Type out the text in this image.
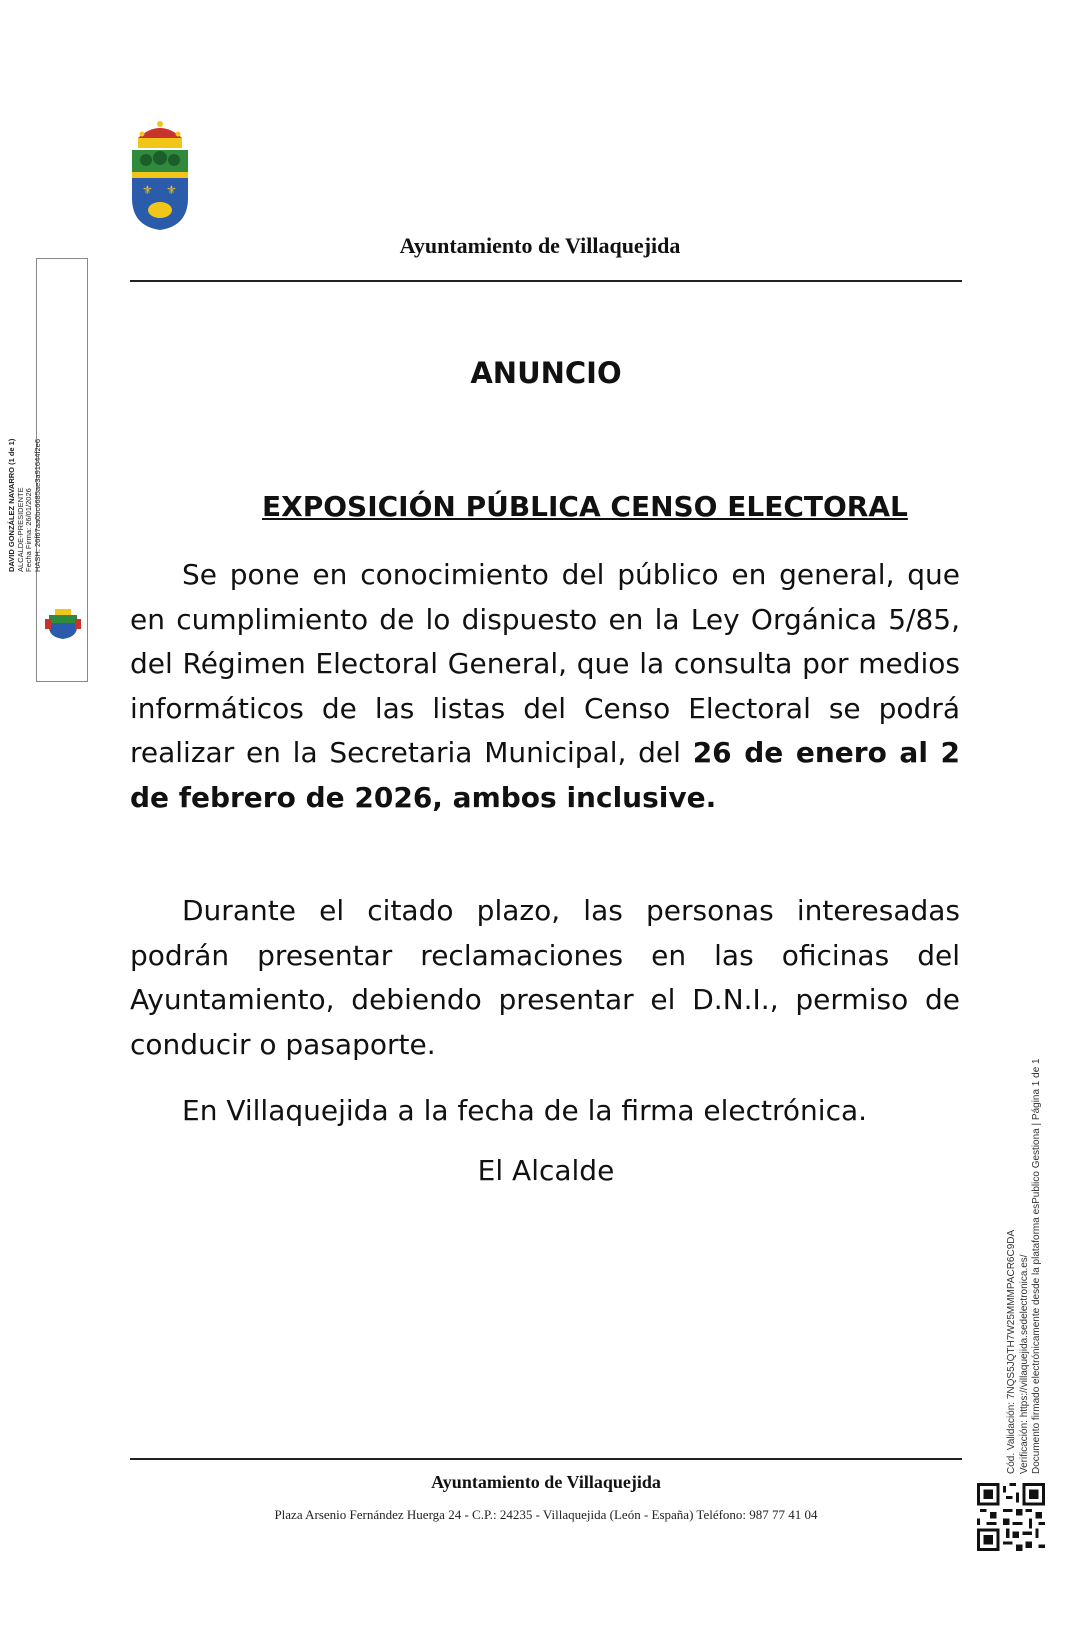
⚜ ⚜
Ayuntamiento de Villaquejida
DAVID GONZÁLEZ NAVARRO (1 de 1) ALCALDE-PRESIDENTE Fecha Firma: 26/01/2026 HASH: 26f67aa0bc6685ae3a91644f2e6
ANUNCIO
EXPOSICIÓN PÚBLICA CENSO ELECTORAL
Se pone en conocimiento del público en general, que en cumplimiento de lo dispuesto en la Ley Orgánica 5/85, del Régimen Electoral General, que la consulta por medios informáticos de las listas del Censo Electoral se podrá realizar en la Secretaria Municipal, del 26 de enero al 2 de febrero de 2026, ambos inclusive.
Durante el citado plazo, las personas interesadas podrán presentar reclamaciones en las oficinas del Ayuntamiento, debiendo presentar el D.N.I., permiso de conducir o pasaporte.
En Villaquejida a la fecha de la firma electrónica.
El Alcalde
Ayuntamiento de Villaquejida
Plaza Arsenio Fernández Huerga 24 - C.P.: 24235 - Villaquejida (León - España) Teléfono: 987 77 41 04
Cód. Validación: 7NQS5JQTH7W25MMMPACR6C9DA Verificación: https://villaquejida.sedelectronica.es/ Documento firmado electrónicamente desde la plataforma esPublico Gestiona | Página 1 de 1
